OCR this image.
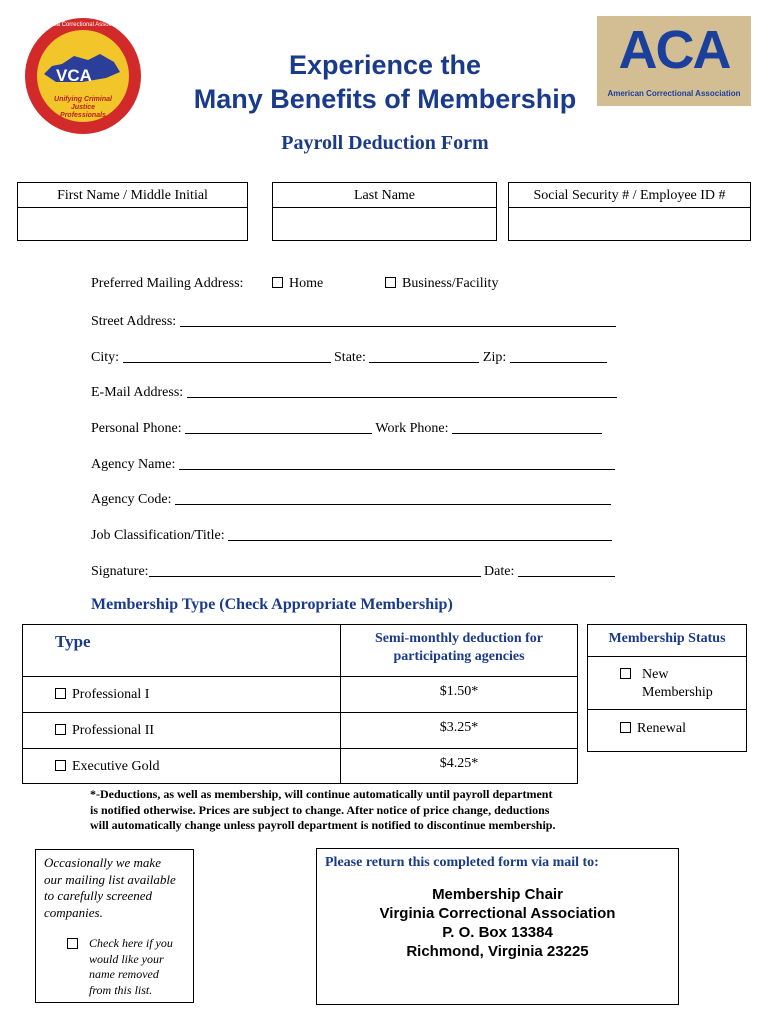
VCA
Virginia Correctional Association
Unifying Criminal Justice
Professionals
ACA
American Correctional Association
Experience the
Many Benefits of Membership
Payroll Deduction Form
First Name / Middle Initial	Last Name	Social Security # / Employee ID #
Preferred Mailing Address:	Home	Business/Facility
Street Address:
City:	State:	Zip:
E-Mail Address:
Personal Phone:	Work Phone:
Agency Name:
Agency Code:
Job Classification/Title:
Signature:	Date:
Membership Type (Check Appropriate Membership)
Type	Semi-monthly deduction for
participating agencies
Professional I	$1.50*
Professional II	$3.25*
Executive Gold	$4.25*
Membership Status
New
Membership
Renewal
*-Deductions, as well as membership, will continue automatically until payroll department
is notified otherwise. Prices are subject to change. After notice of price change, deductions
will automatically change unless payroll department is notified to discontinue membership.
Occasionally we make
our mailing list available
to carefully screened
companies.
Check here if you
would like your
name removed
from this list.
Please return this completed form via mail to:
Membership Chair
Virginia Correctional Association
P. O. Box 13384
Richmond, Virginia 23225
